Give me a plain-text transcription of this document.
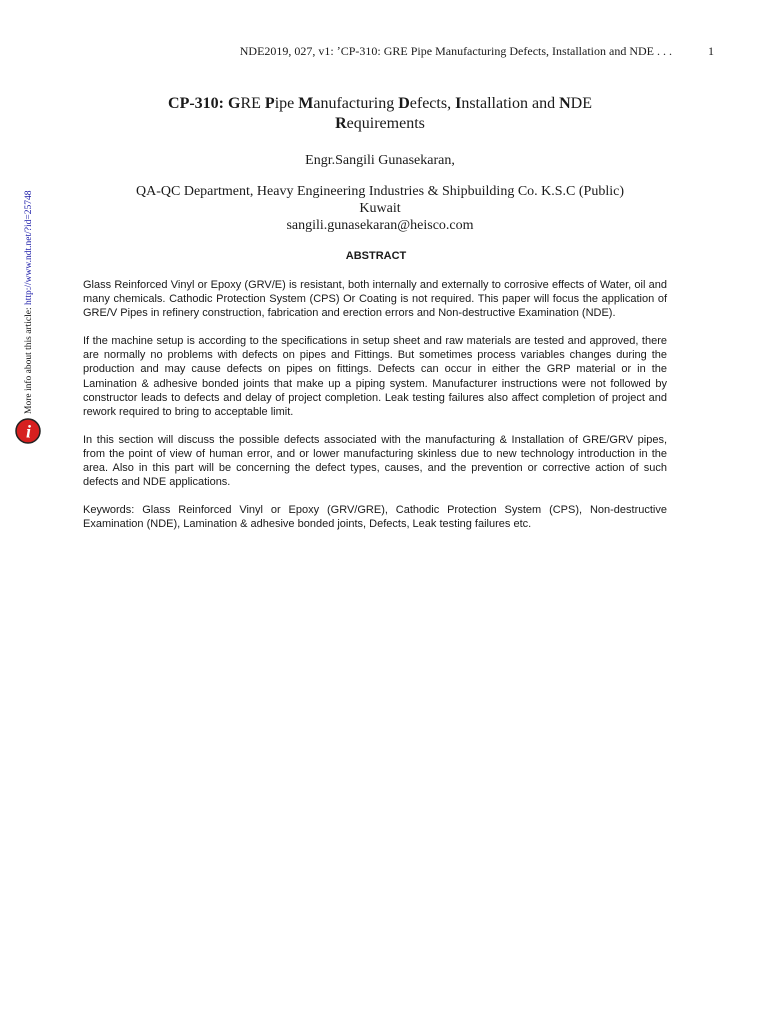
NDE2019, 027, v1: ʼCP-310: GRE Pipe Manufacturing Defects, Installation and NDE . . .	1
CP-310: GRE Pipe Manufacturing Defects, Installation and NDE
Requirements
Engr.Sangili Gunasekaran,
QA-QC Department, Heavy Engineering Industries & Shipbuilding Co. K.S.C (Public)
Kuwait
sangili.gunasekaran@heisco.com
ABSTRACT

Glass Reinforced Vinyl or Epoxy (GRV/E) is resistant, both internally and externally to corrosive effects of Water, oil and many chemicals. Cathodic Protection System (CPS) Or Coating is not required. This paper will focus the application of GRE/V Pipes in refinery construction, fabrication and erection errors and Non-destructive Examination (NDE).

If the machine setup is according to the specifications in setup sheet and raw materials are tested and approved, there are normally no problems with defects on pipes and Fittings. But sometimes process variables changes during the production and may cause defects on pipes on fittings. Defects can occur in either the GRP material or in the Lamination & adhesive bonded joints that make up a piping system. Manufacturer instructions were not followed by constructor leads to defects and delay of project completion. Leak testing failures also affect completion of project and rework required to bring to acceptable limit.

In this section will discuss the possible defects associated with the manufacturing & Installation of GRE/GRV pipes, from the point of view of human error, and or lower manufacturing skinless due to new technology introduction in the area. Also in this part will be concerning the defect types, causes, and the prevention or corrective action of such defects and NDE applications.

Keywords: Glass Reinforced Vinyl or Epoxy (GRV/GRE), Cathodic Protection System (CPS), Non-destructive Examination (NDE), Lamination & adhesive bonded joints, Defects, Leak testing failures etc.

More info about this article: http://www.ndt.net/?id=25748
i
